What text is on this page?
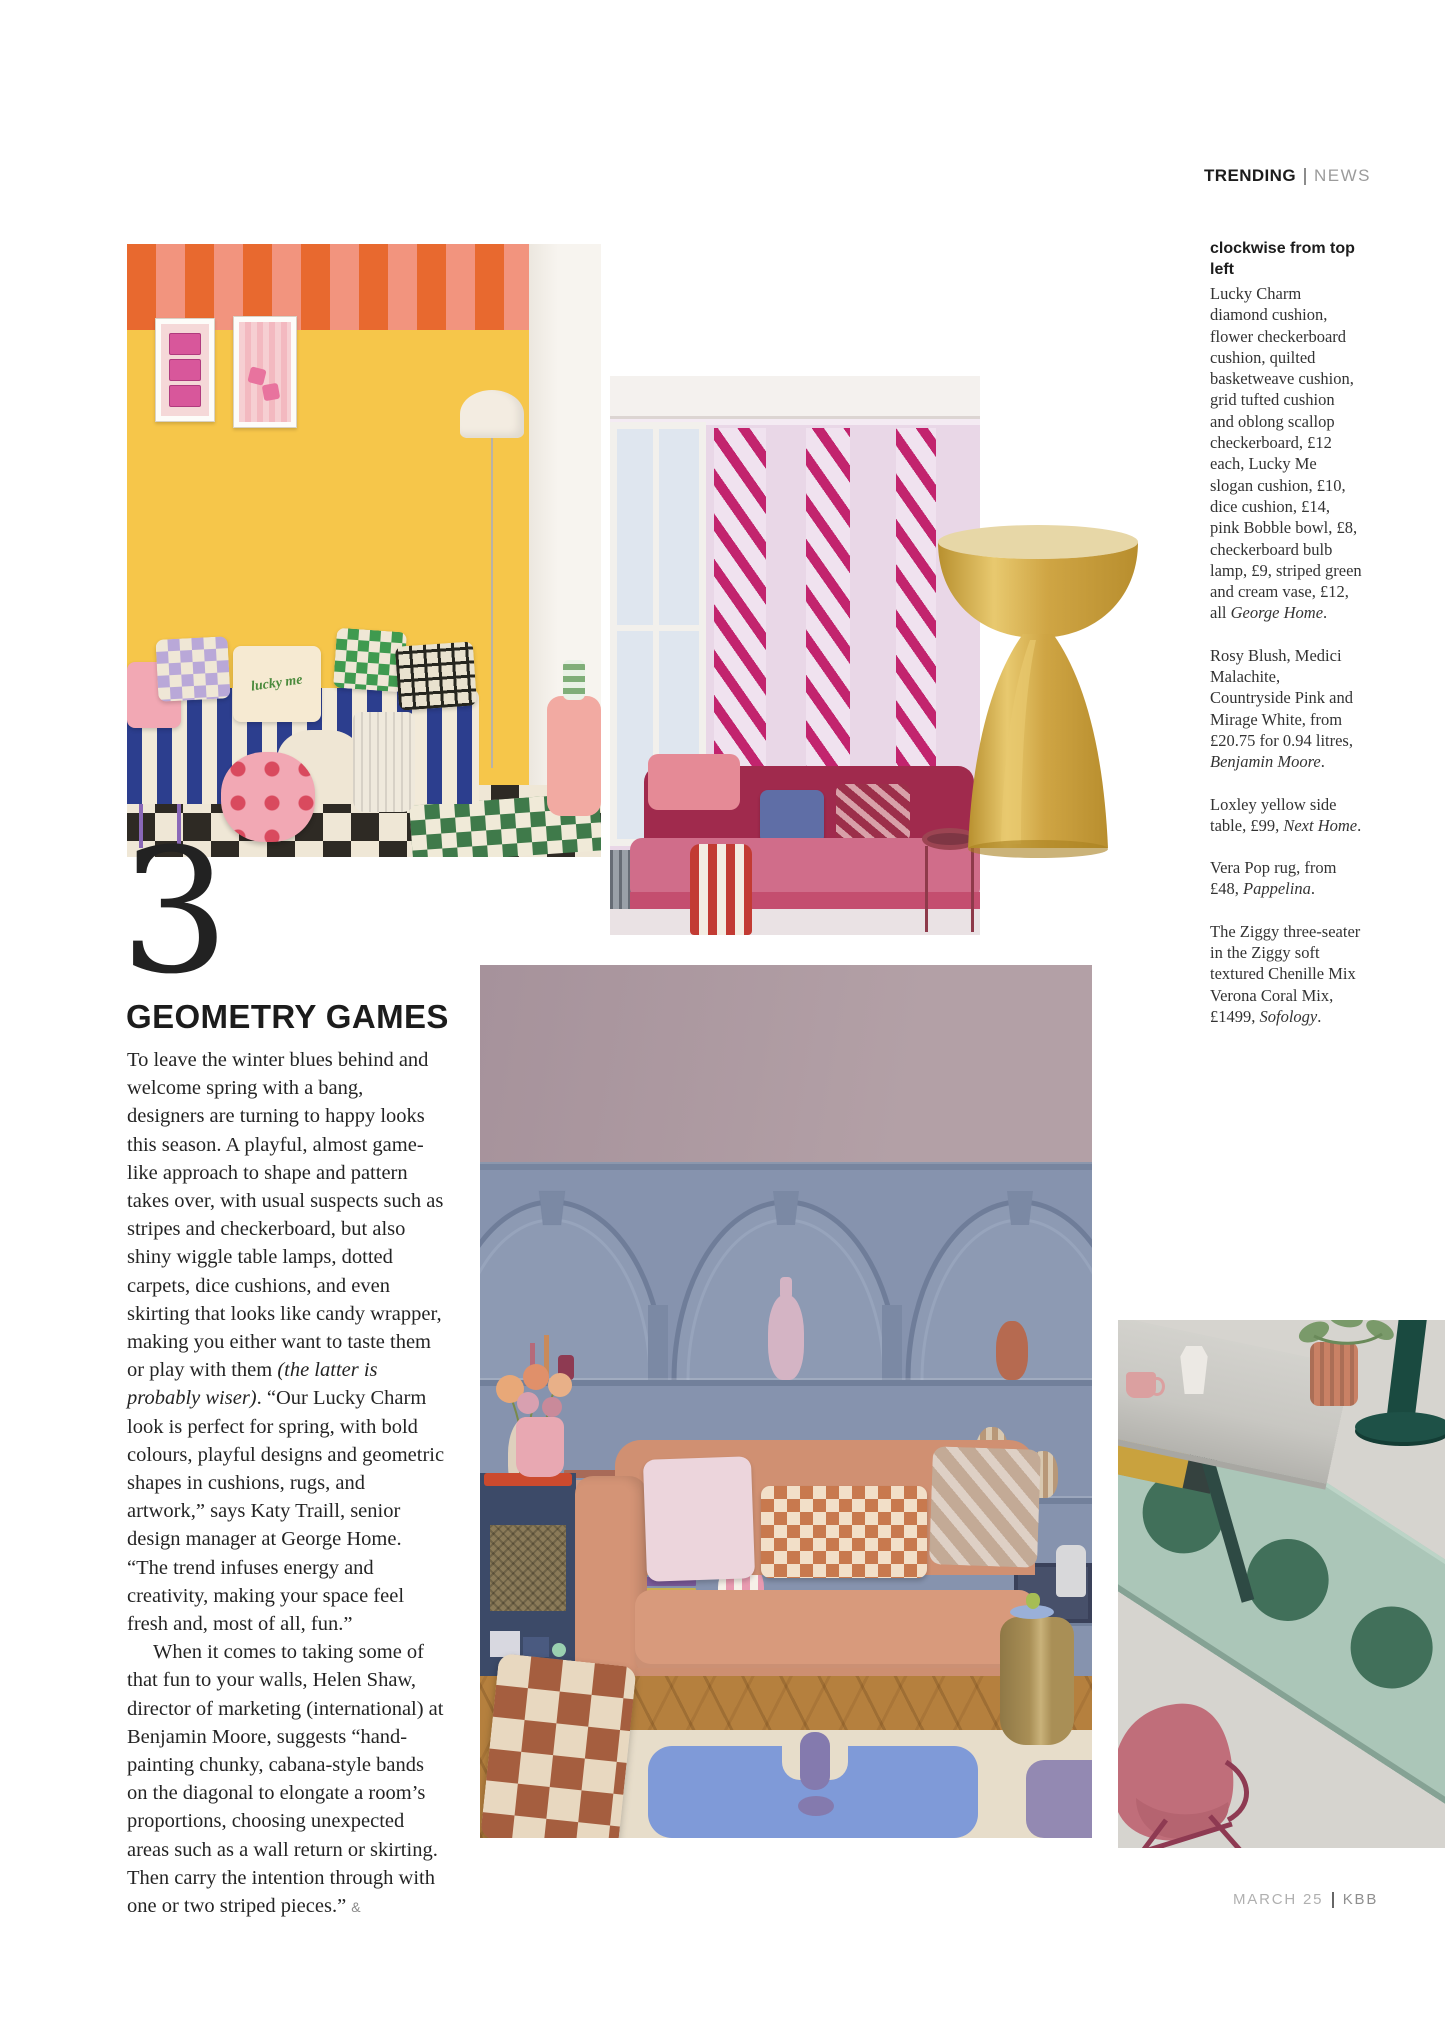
TRENDING NEWS
lucky me
3
GEOMETRY GAMES

To leave the winter blues behind and welcome spring with a bang, designers are turning to happy looks this season. A playful, almost game-like approach to shape and pattern takes over, with usual suspects such as stripes and checkerboard, but also shiny wiggle table lamps, dotted carpets, dice cushions, and even skirting that looks like candy wrapper, making you either want to taste them or play with them (the latter is probably wiser). “Our Lucky Charm look is perfect for spring, with bold colours, playful designs and geometric shapes in cushions, rugs, and artwork,” says Katy Traill, senior design manager at George Home. “The trend infuses energy and creativity, making your space feel fresh and, most of all, fun.”

When it comes to taking some of that fun to your walls, Helen Shaw, director of marketing (international) at Benjamin Moore, suggests “hand-painting chunky, cabana-style bands on the diagonal to elongate a room’s proportions, choosing unexpected areas such as a wall return or skirting. Then carry the intention through with one or two striped pieces.” &

clockwise from top left

Lucky Charm diamond cushion, flower checkerboard cushion, quilted basketweave cushion, grid tufted cushion and oblong scallop checkerboard, £12 each, Lucky Me slogan cushion, £10, dice cushion, £14, pink Bobble bowl, £8, checkerboard bulb lamp, £9, striped green and cream vase, £12, all George Home.

Rosy Blush, Medici Malachite, Countryside Pink and Mirage White, from £20.75 for 0.94 litres, Benjamin Moore.

Loxley yellow side table, £99, Next Home.

Vera Pop rug, from £48, Pappelina.

The Ziggy three-seater in the Ziggy soft textured Chenille Mix Verona Coral Mix, £1499, Sofology.

MARCH 25 KBB
